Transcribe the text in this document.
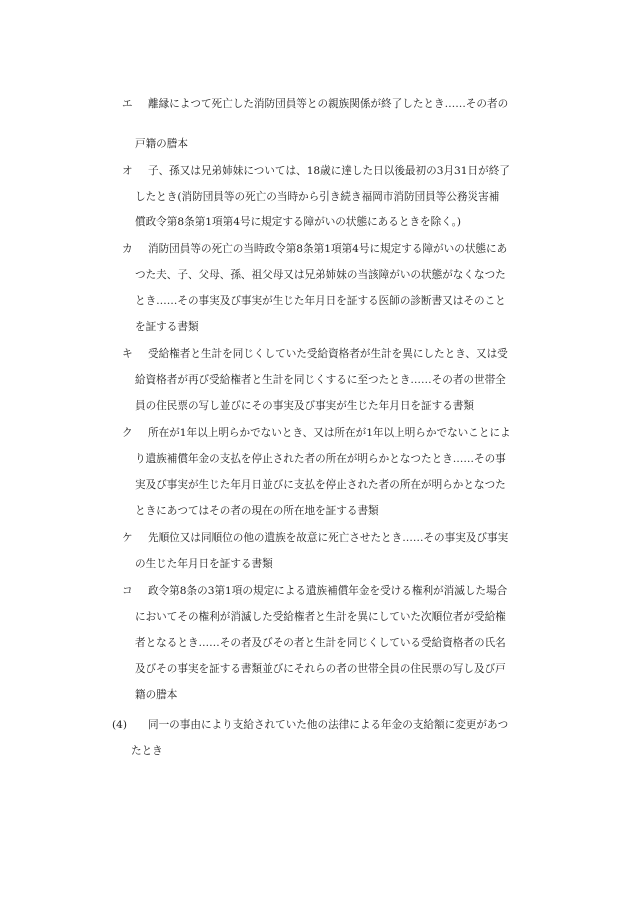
エ 離縁によつて死亡した消防団員等との親族関係が終了したとき……その者の
戸籍の謄本
オ 子、孫又は兄弟姉妹については、18歳に達した日以後最初の3月31日が終了
したとき(消防団員等の死亡の当時から引き続き福岡市消防団員等公務災害補
償政令第8条第1項第4号に規定する障がいの状態にあるときを除く。)
カ 消防団員等の死亡の当時政令第8条第1項第4号に規定する障がいの状態にあ
つた夫、子、父母、孫、祖父母又は兄弟姉妹の当該障がいの状態がなくなつた
とき……その事実及び事実が生じた年月日を証する医師の診断書又はそのこと
を証する書類
キ 受給権者と生計を同じくしていた受給資格者が生計を異にしたとき、又は受
給資格者が再び受給権者と生計を同じくするに至つたとき……その者の世帯全
員の住民票の写し並びにその事実及び事実が生じた年月日を証する書類
ク 所在が1年以上明らかでないとき、又は所在が1年以上明らかでないことによ
り遺族補償年金の支払を停止された者の所在が明らかとなつたとき……その事
実及び事実が生じた年月日並びに支払を停止された者の所在が明らかとなつた
ときにあつてはその者の現在の所在地を証する書類
ケ 先順位又は同順位の他の遺族を故意に死亡させたとき……その事実及び事実
の生じた年月日を証する書類
コ 政令第8条の3第1項の規定による遺族補償年金を受ける権利が消滅した場合
においてその権利が消滅した受給権者と生計を異にしていた次順位者が受給権
者となるとき……その者及びその者と生計を同じくしている受給資格者の氏名
及びその事実を証する書類並びにそれらの者の世帯全員の住民票の写し及び戸
籍の謄本
(4) 同一の事由により支給されていた他の法律による年金の支給額に変更があつ
たとき
